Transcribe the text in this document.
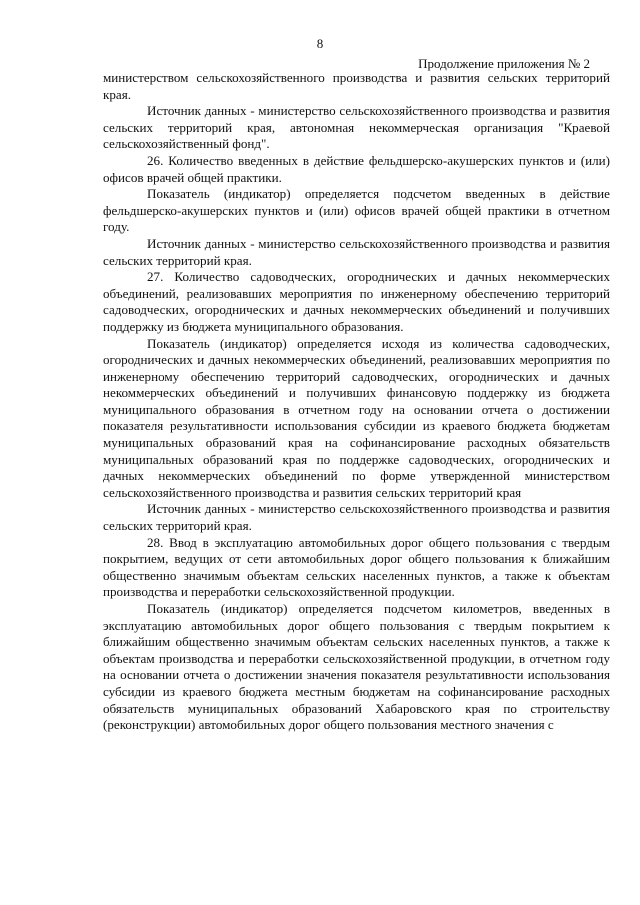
8
Продолжение приложения № 2

министерством сельскохозяйственного производства и развития сельских территорий края.

Источник данных - министерство сельскохозяйственного производства и развития сельских территорий края, автономная некоммерческая организация "Краевой сельскохозяйственный фонд".

26. Количество введенных в действие фельдшерско-акушерских пунктов и (или) офисов врачей общей практики.

Показатель (индикатор) определяется подсчетом введенных в действие фельдшерско-акушерских пунктов и (или) офисов врачей общей практики в отчетном году.

Источник данных - министерство сельскохозяйственного производства и развития сельских территорий края.

27. Количество садоводческих, огороднических и дачных некоммерческих объединений, реализовавших мероприятия по инженерному обеспечению территорий садоводческих, огороднических и дачных некоммерческих объединений и получивших поддержку из бюджета муниципального образования.

Показатель (индикатор) определяется исходя из количества садоводческих, огороднических и дачных некоммерческих объединений, реализовавших мероприятия по инженерному обеспечению территорий садоводческих, огороднических и дачных некоммерческих объединений и получивших финансовую поддержку из бюджета муниципального образования в отчетном году на основании отчета о достижении показателя результативности использования субсидии из краевого бюджета бюджетам муниципальных образований края на софинансирование расходных обязательств муниципальных образований края по поддержке садоводческих, огороднических и дачных некоммерческих объединений по форме утвержденной министерством сельскохозяйственного производства и развития сельских территорий края

Источник данных - министерство сельскохозяйственного производства и развития сельских территорий края.

28. Ввод в эксплуатацию автомобильных дорог общего пользования с твердым покрытием, ведущих от сети автомобильных дорог общего пользования к ближайшим общественно значимым объектам сельских населенных пунктов, а также к объектам производства и переработки сельскохозяйственной продукции.

Показатель (индикатор) определяется подсчетом километров, введенных в эксплуатацию автомобильных дорог общего пользования с твердым покрытием к ближайшим общественно значимым объектам сельских населенных пунктов, а также к объектам производства и переработки сельскохозяйственной продукции, в отчетном году на основании отчета о достижении значения показателя результативности использования субсидии из краевого бюджета местным бюджетам на софинансирование расходных обязательств муниципальных образований Хабаровского края по строительству (реконструкции) автомобильных дорог общего пользования местного значения с
